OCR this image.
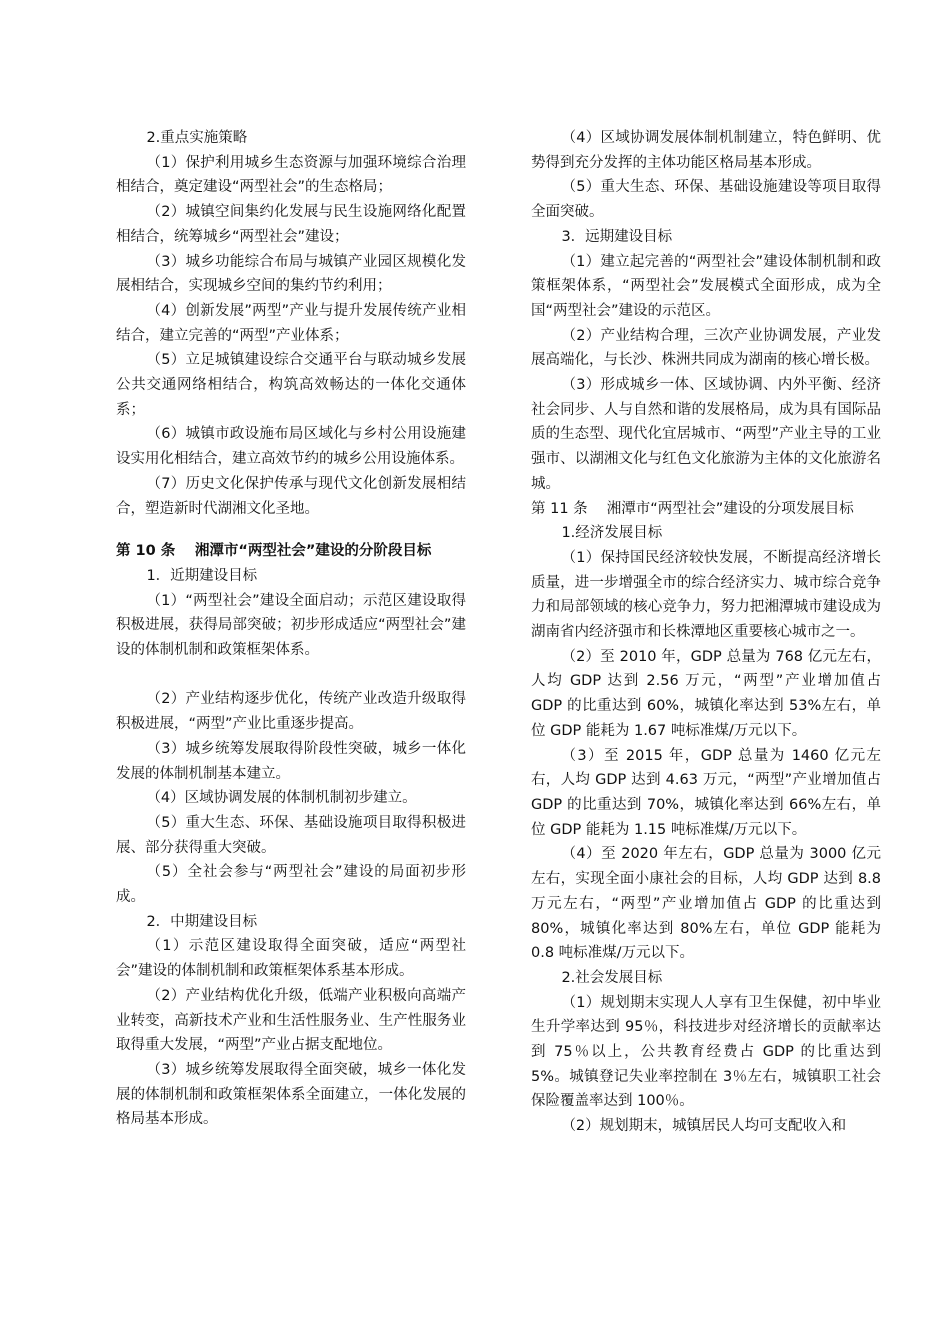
2.重点实施策略

（1）保护利用城乡生态资源与加强环境综合治理相结合，奠定建设“两型社会”的生态格局；

（2）城镇空间集约化发展与民生设施网络化配置相结合，统筹城乡“两型社会”建设；

（3）城乡功能综合布局与城镇产业园区规模化发展相结合，实现城乡空间的集约节约利用；

（4）创新发展”两型”产业与提升发展传统产业相结合，建立完善的“两型”产业体系；

（5）立足城镇建设综合交通平台与联动城乡发展公共交通网络相结合，构筑高效畅达的一体化交通体系；

（6）城镇市政设施布局区域化与乡村公用设施建设实用化相结合，建立高效节约的城乡公用设施体系。

（7）历史文化保护传承与现代文化创新发展相结合，塑造新时代湖湘文化圣地。

第 10 条　 湘潭市“两型社会”建设的分阶段目标

1．近期建设目标

（1）“两型社会”建设全面启动；示范区建设取得积极进展，获得局部突破；初步形成适应“两型社会”建设的体制机制和政策框架体系。

（2）产业结构逐步优化，传统产业改造升级取得积极进展，“两型”产业比重逐步提高。

（3）城乡统筹发展取得阶段性突破，城乡一体化发展的体制机制基本建立。

（4）区域协调发展的体制机制初步建立。

（5）重大生态、环保、基础设施项目取得积极进展、部分获得重大突破。

（5）全社会参与“两型社会”建设的局面初步形成。

2．中期建设目标

（1）示范区建设取得全面突破，适应“两型社会”建设的体制机制和政策框架体系基本形成。

（2）产业结构优化升级，低端产业积极向高端产业转变，高新技术产业和生活性服务业、生产性服务业取得重大发展，“两型”产业占据支配地位。

（3）城乡统筹发展取得全面突破，城乡一体化发展的体制机制和政策框架体系全面建立，一体化发展的格局基本形成。

（4）区域协调发展体制机制建立，特色鲜明、优势得到充分发挥的主体功能区格局基本形成。

（5）重大生态、环保、基础设施建设等项目取得全面突破。

3．远期建设目标

（1）建立起完善的“两型社会”建设体制机制和政策框架体系，“两型社会”发展模式全面形成，成为全国“两型社会”建设的示范区。

（2）产业结构合理，三次产业协调发展，产业发展高端化，与长沙、株洲共同成为湖南的核心增长极。

（3）形成城乡一体、区域协调、内外平衡、经济社会同步、人与自然和谐的发展格局，成为具有国际品质的生态型、现代化宜居城市、“两型”产业主导的工业强市、以湖湘文化与红色文化旅游为主体的文化旅游名城。

第 11 条　 湘潭市“两型社会”建设的分项发展目标

1.经济发展目标

（1）保持国民经济较快发展，不断提高经济增长质量，进一步增强全市的综合经济实力、城市综合竞争力和局部领域的核心竞争力，努力把湘潭城市建设成为湖南省内经济强市和长株潭地区重要核心城市之一。

（2）至 2010 年，GDP 总量为 768 亿元左右，人均 GDP 达到 2.56 万元，“两型”产业增加值占 GDP 的比重达到 60%，城镇化率达到 53%左右，单位 GDP 能耗为 1.67 吨标准煤/万元以下。

（3）至 2015 年，GDP 总量为 1460 亿元左右，人均 GDP 达到 4.63 万元，“两型”产业增加值占 GDP 的比重达到 70%，城镇化率达到 66%左右，单位 GDP 能耗为 1.15 吨标准煤/万元以下。

（4）至 2020 年左右，GDP 总量为 3000 亿元左右，实现全面小康社会的目标，人均 GDP 达到 8.8 万元左右，“两型”产业增加值占 GDP 的比重达到 80%，城镇化率达到 80%左右，单位 GDP 能耗为 0.8 吨标准煤/万元以下。

2.社会发展目标

（1）规划期末实现人人享有卫生保健，初中毕业生升学率达到 95％，科技进步对经济增长的贡献率达到 75％以上，公共教育经费占 GDP 的比重达到 5%。城镇登记失业率控制在 3％左右，城镇职工社会保险覆盖率达到 100％。

（2）规划期末，城镇居民人均可支配收入和
